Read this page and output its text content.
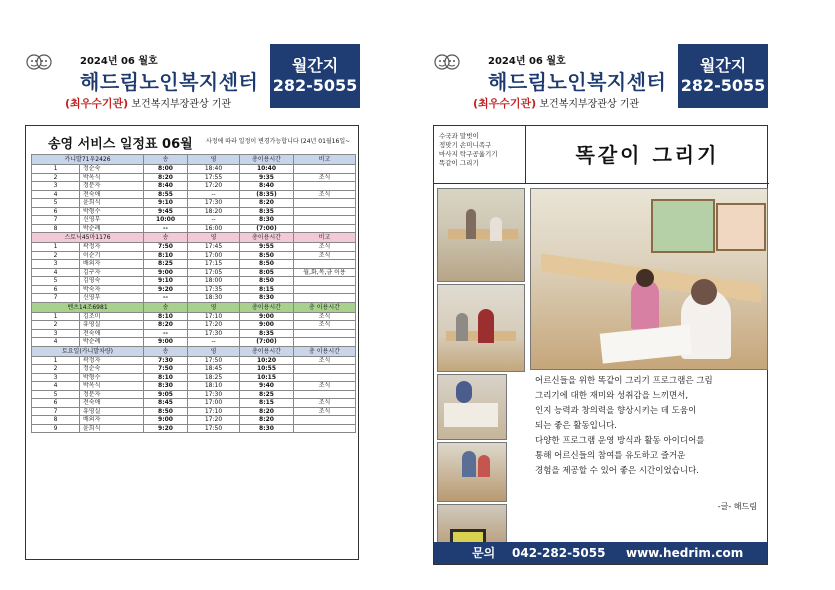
2024년 06 월호
해드림노인복지센터
(최우수기관) 보건복지부장관상 기관
월간지
282-5055
송영 서비스 일정표 06월 사정에 따라 일정이 변경가능합니다 (24년 01월16일~
카니발71우2426		송	영	총이용시간	비고
1	정순숙	8:00	18:40	10:40	
2	박옥식	8:20	17:55	9:35	조식
3	정분자	8:40	17:20	8:40	
4	전숙애	8:55	--	(8:35)	조식
5	윤희식	9:10	17:30	8:20	
6	박형수	9:45	18:20	8:35	
7	신영부	10:00	--	8:30	
8	박순례	--	16:00	(7:00)	
스토닉45마1176		송	영	총이용시간	비고
1	곽정자	7:50	17:45	9:55	조식
2	이순기	8:10	17:00	8:50	조식
3	배외자	8:25	17:15	8:50	
4	김구자	9:00	17:05	8:05	월,화,목,금 이용
5	김영숙	9:10	18:00	8:50	
6	박숙자	9:20	17:35	8:15	
7	신영부	--	18:30	8:30	
벤츠14조6981		송	영	총이용시간	총 이용시간
1	김조미	8:10	17:10	9:00	조식
2	유영실	8:20	17:20	9:00	조식
3	전숙애	--	17:30	8:35	
4	박순례	9:00	--	(7:00)	
토요일(카니발차량)		송	영	총이용시간	총 이용시간
1	곽정자	7:30	17:50	10:20	조식
2	정순숙	7:50	18:45	10:55	
3	박형수	8:10	18:25	10:15	
4	박옥식	8:30	18:10	9:40	조식
5	정분자	9:05	17:30	8:25	
6	전숙애	8:45	17:00	8:15	조식
7	유영실	8:50	17:10	8:20	조식
8	배외자	9:00	17:20	8:20	
9	윤희식	9:20	17:50	8:30	
2024년 06 월호
해드림노인복지센터
(최우수기관) 보건복지부장관상 기관
월간지
282-5055
수국과 말벗이
정맞기 손미니족구
마사지 탁구공옮기기
똑같이 그리기	똑같이 그리기
어르신들을 위한 똑같이 그리기 프로그램은 그림
그리기에 대한 재미와 성취감을 느끼면서,
인지 능력과 창의력을 향상시키는 데 도움이
되는 좋은 활동입니다.
다양한 프로그램 운영 방식과 활동 아이디어를
통해 어르신들의 참여를 유도하고 즐거운
경험을 제공할 수 있어 좋은 시간이었습니다.
-글- 해드림
문의 042-282-5055 www.hedrim.com
